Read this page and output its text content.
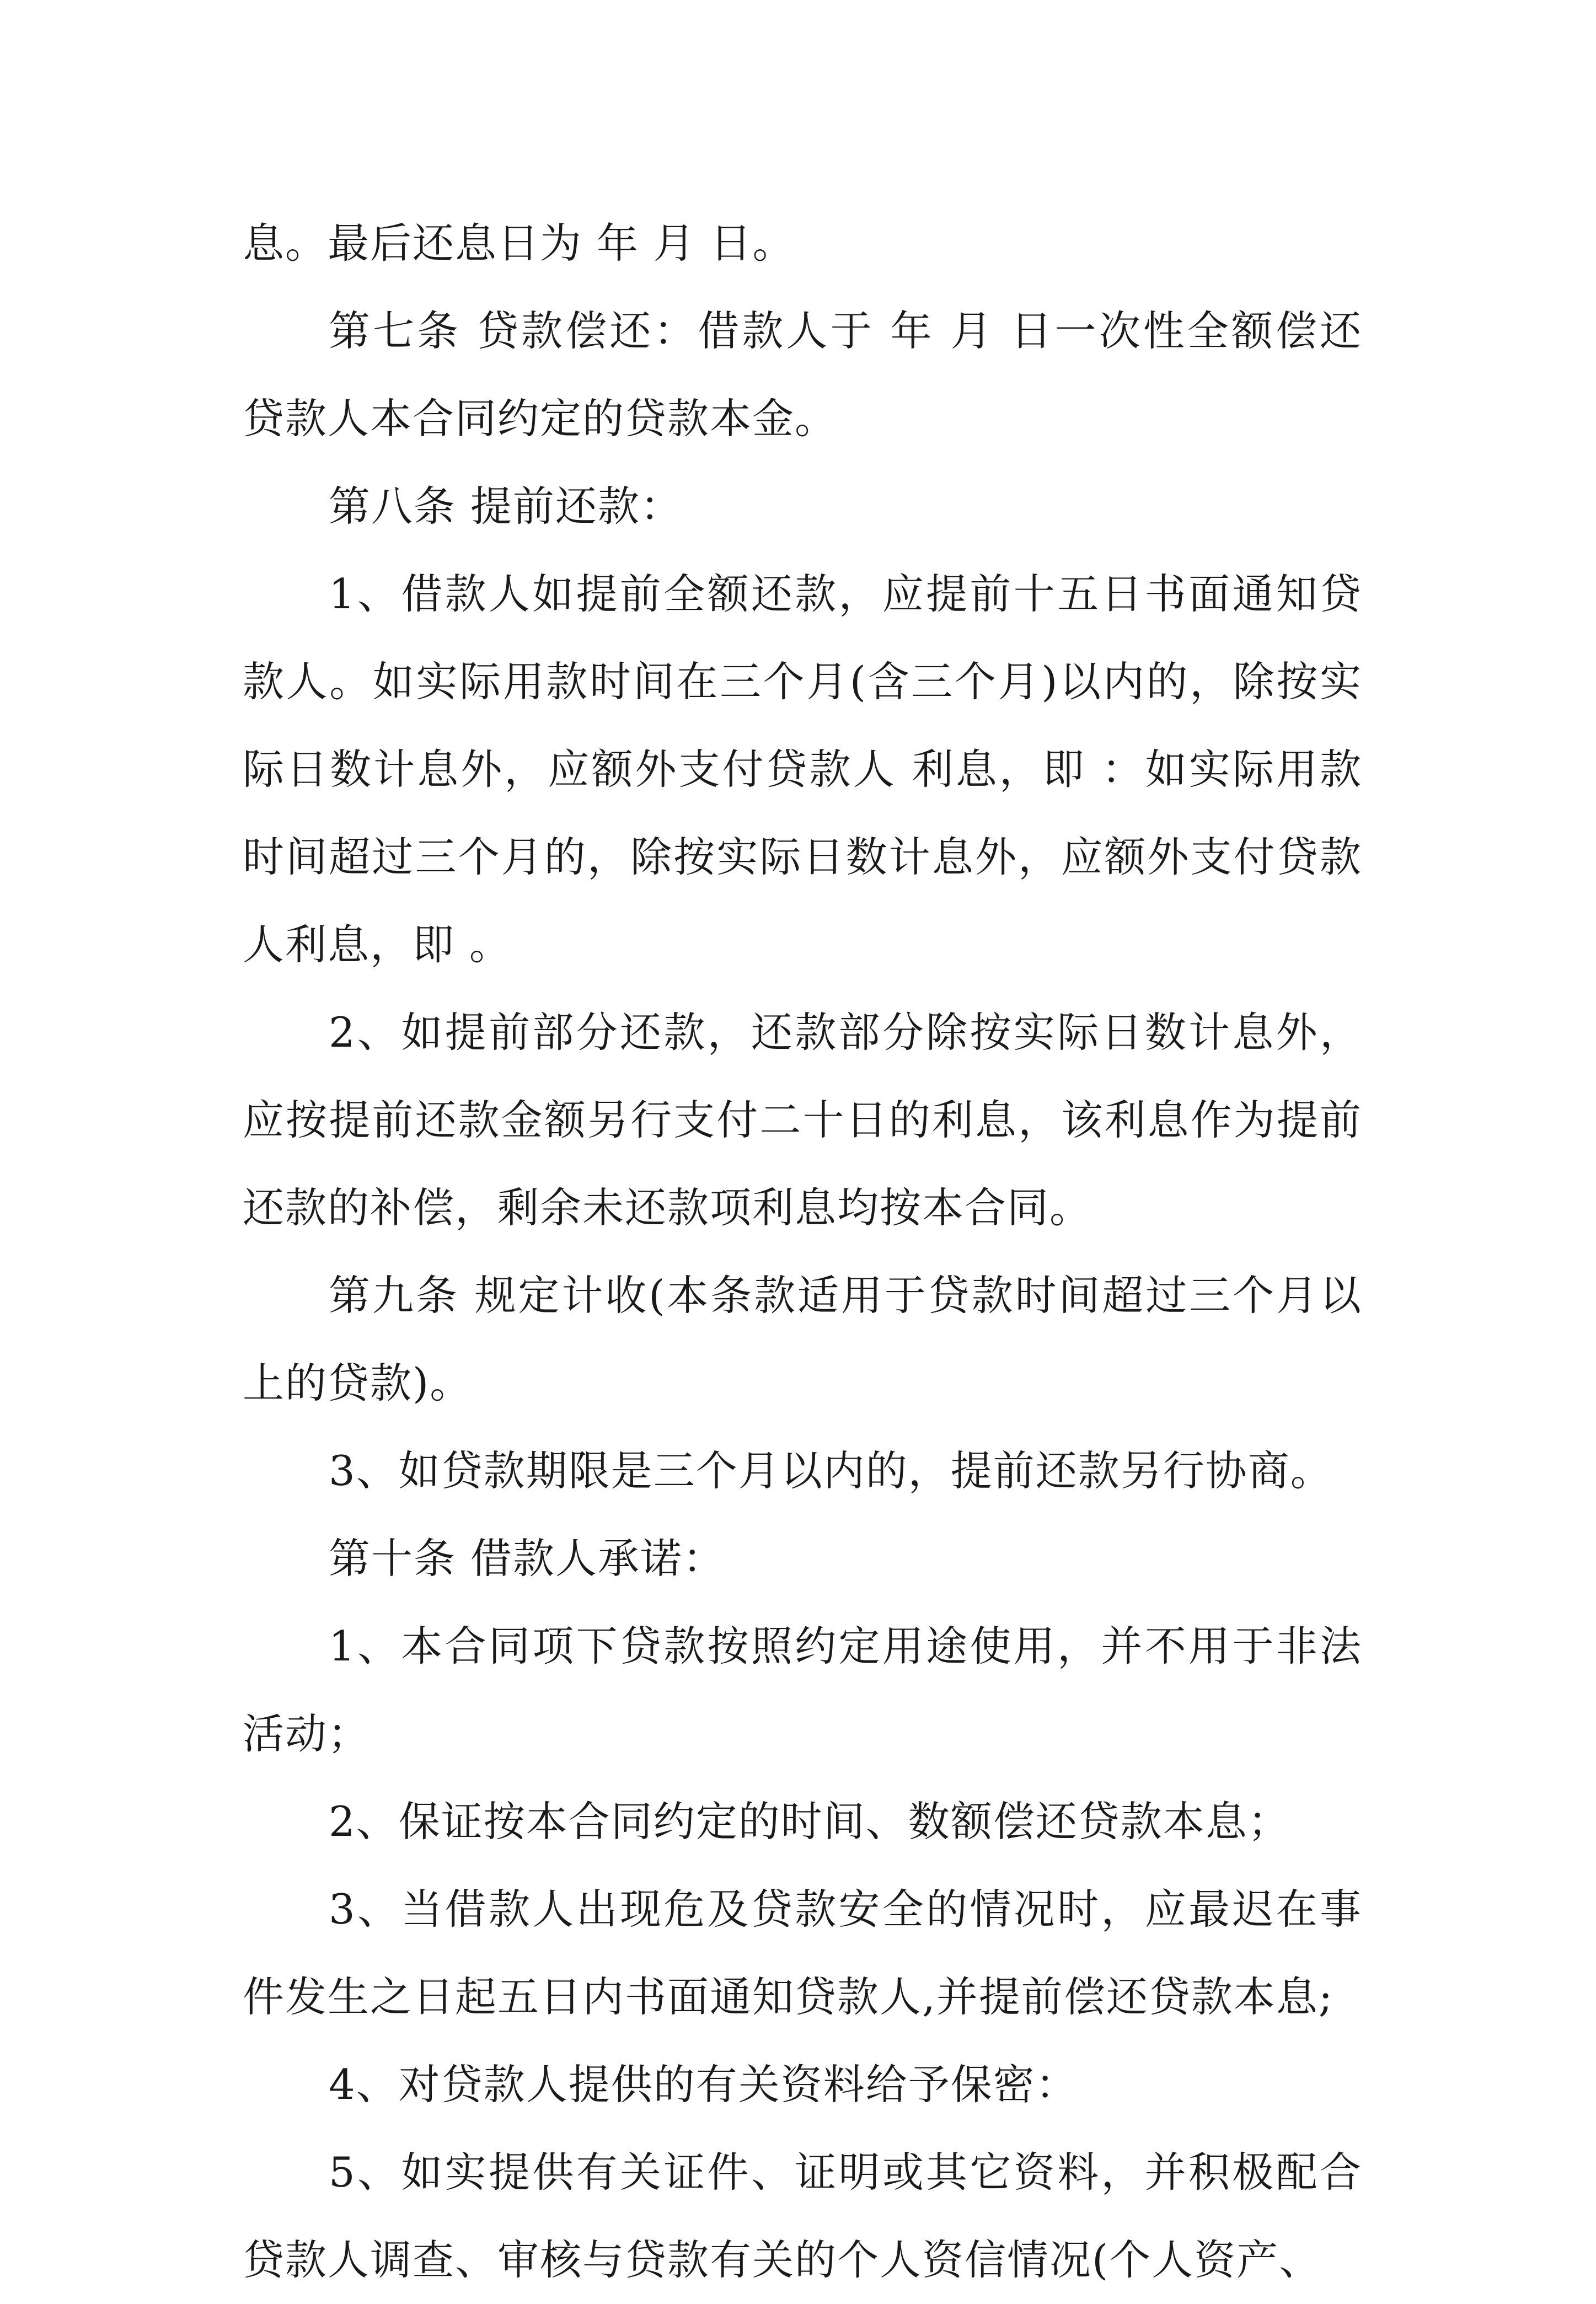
息。最后还息日为 年 月 日。

第七条 贷款偿还：借款人于 年 月 日一次性全额偿还贷款人本合同约定的贷款本金。

第八条 提前还款：

1、借款人如提前全额还款，应提前十五日书面通知贷款人。如实际用款时间在三个月(含三个月)以内的，除按实际日数计息外，应额外支付贷款人 利息，即 ：如实际用款时间超过三个月的，除按实际日数计息外，应额外支付贷款人利息，即 。

2、如提前部分还款，还款部分除按实际日数计息外，应按提前还款金额另行支付二十日的利息，该利息作为提前还款的补偿，剩余未还款项利息均按本合同。

第九条 规定计收(本条款适用于贷款时间超过三个月以上的贷款)。

3、如贷款期限是三个月以内的，提前还款另行协商。

第十条 借款人承诺：

1、本合同项下贷款按照约定用途使用，并不用于非法活动；

2、保证按本合同约定的时间、数额偿还贷款本息；

3、当借款人出现危及贷款安全的情况时，应最迟在事件发生之日起五日内书面通知贷款人,并提前偿还贷款本息;

4、对贷款人提供的有关资料给予保密：

5、如实提供有关证件、证明或其它资料，并积极配合贷款人调查、审核与贷款有关的个人资信情况(个人资产、
